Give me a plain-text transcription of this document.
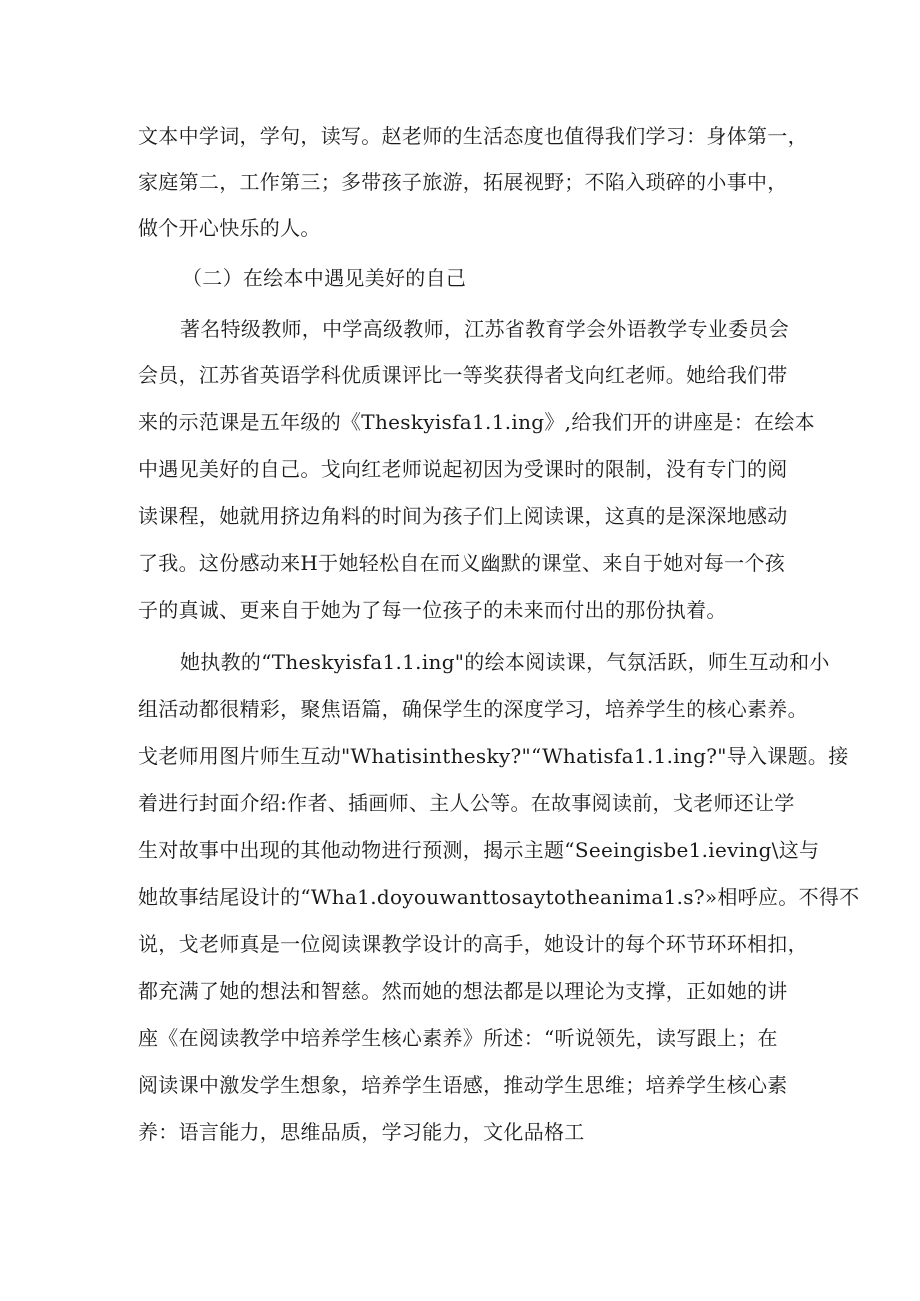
文本中学词，学句，读写。赵老师的生活态度也值得我们学习：身体第一，
家庭第二，工作第三；多带孩子旅游，拓展视野；不陷入琐碎的小事中，
做个开心快乐的人。
（二）在绘本中遇见美好的自己
著名特级教师，中学高级教师，江苏省教育学会外语教学专业委员会
会员，江苏省英语学科优质课评比一等奖获得者戈向红老师。她给我们带
来的示范课是五年级的《Theskyisfa1.1.ing》,给我们开的讲座是：在绘本
中遇见美好的自己。戈向红老师说起初因为受课时的限制，没有专门的阅
读课程，她就用挤边角料的时间为孩子们上阅读课，这真的是深深地感动
了我。这份感动来H于她轻松自在而义幽默的课堂、来自于她对每一个孩
子的真诚、更来自于她为了每一位孩子的未来而付出的那份执着。
她执教的“Theskyisfa1.1.ing"的绘本阅读课，气氛活跃，师生互动和小
组活动都很精彩，聚焦语篇，确保学生的深度学习，培养学生的核心素养。
戈老师用图片师生互动"Whatisinthesky?"“Whatisfa1.1.ing?"导入课题。接
着进行封面介绍:作者、插画师、主人公等。在故事阅读前，戈老师还让学
生对故事中出现的其他动物进行预测，揭示主题“Seeingisbe1.ieving\这与
她故事结尾设计的“Wha1.doyouwanttosaytotheanima1.s?»相呼应。不得不
说，戈老师真是一位阅读课教学设计的高手，她设计的每个环节环环相扣，
都充满了她的想法和智慈。然而她的想法都是以理论为支撑，正如她的讲
座《在阅读教学中培养学生核心素养》所述：“听说领先，读写跟上；在
阅读课中激发学生想象，培养学生语感，推动学生思维；培养学生核心素
养：语言能力，思维品质，学习能力，文化品格工
